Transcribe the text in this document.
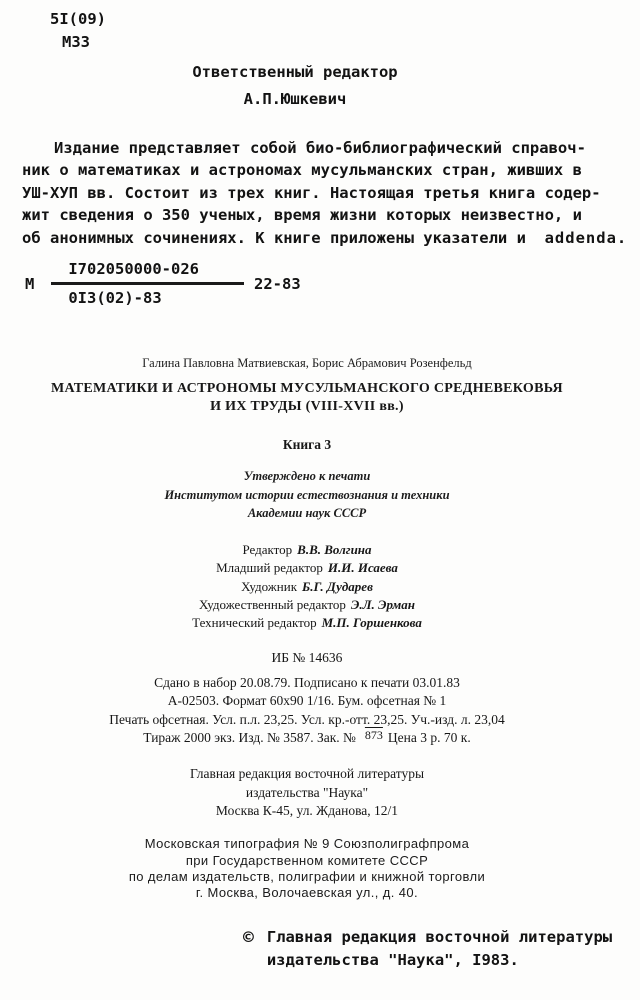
5I(09)
М33
Ответственный редактор
А.П.Юшкевич
Издание представляет собой био-библиографический справоч-
ник о математиках и астрономах мусульманских стран, живших в
УШ-ХУП вв. Состоит из трех книг. Настоящая третья книга содер-
жит сведения о 350 ученых, время жизни которых неизвестно, и
об анонимных сочинениях. К книге приложены указатели и addenda.
М $\frac{I702050000-026}{0I3(02)-83} 22-83$
Галина Павловна Матвиевская, Борис Абрамович Розенфельд
МАТЕМАТИКИ И АСТРОНОМЫ МУСУЛЬМАНСКОГО СРЕДНЕВЕКОВЬЯ
И ИХ ТРУДЫ (VIII-XVII вв.)
Книга 3
Утверждено к печати
Институтом истории естествознания и техники
Академии наук СССР
Редактор В.В. Волгина
Младший редактор И.И. Исаева
Художник Б.Г. Дударев
Художественный редактор Э.Л. Эрман
Технический редактор М.П. Горшенкова
ИБ № 14636
Сдано в набор 20.08.79. Подписано к печати 03.01.83
А-02503. Формат 60х90 1/16. Бум. офсетная № 1
Печать офсетная. Усл. п.л. 23,25. Усл. кр.-отт. 23,25. Уч.-изд. л. 23,04
Тираж 2000 экз. Изд. № 3587. Зак. № 873 Цена 3 р. 70 к.
Главная редакция восточной литературы
издательства "Наука"
Москва К-45, ул. Жданова, 12/1
Московская типография № 9 Союзполиграфпрома
при Государственном комитете СССР
по делам издательств, полиграфии и книжной торговли
г. Москва, Волочаевская ул., д. 40.
© Главная редакция восточной литературы
издательства "Наука", I983.
